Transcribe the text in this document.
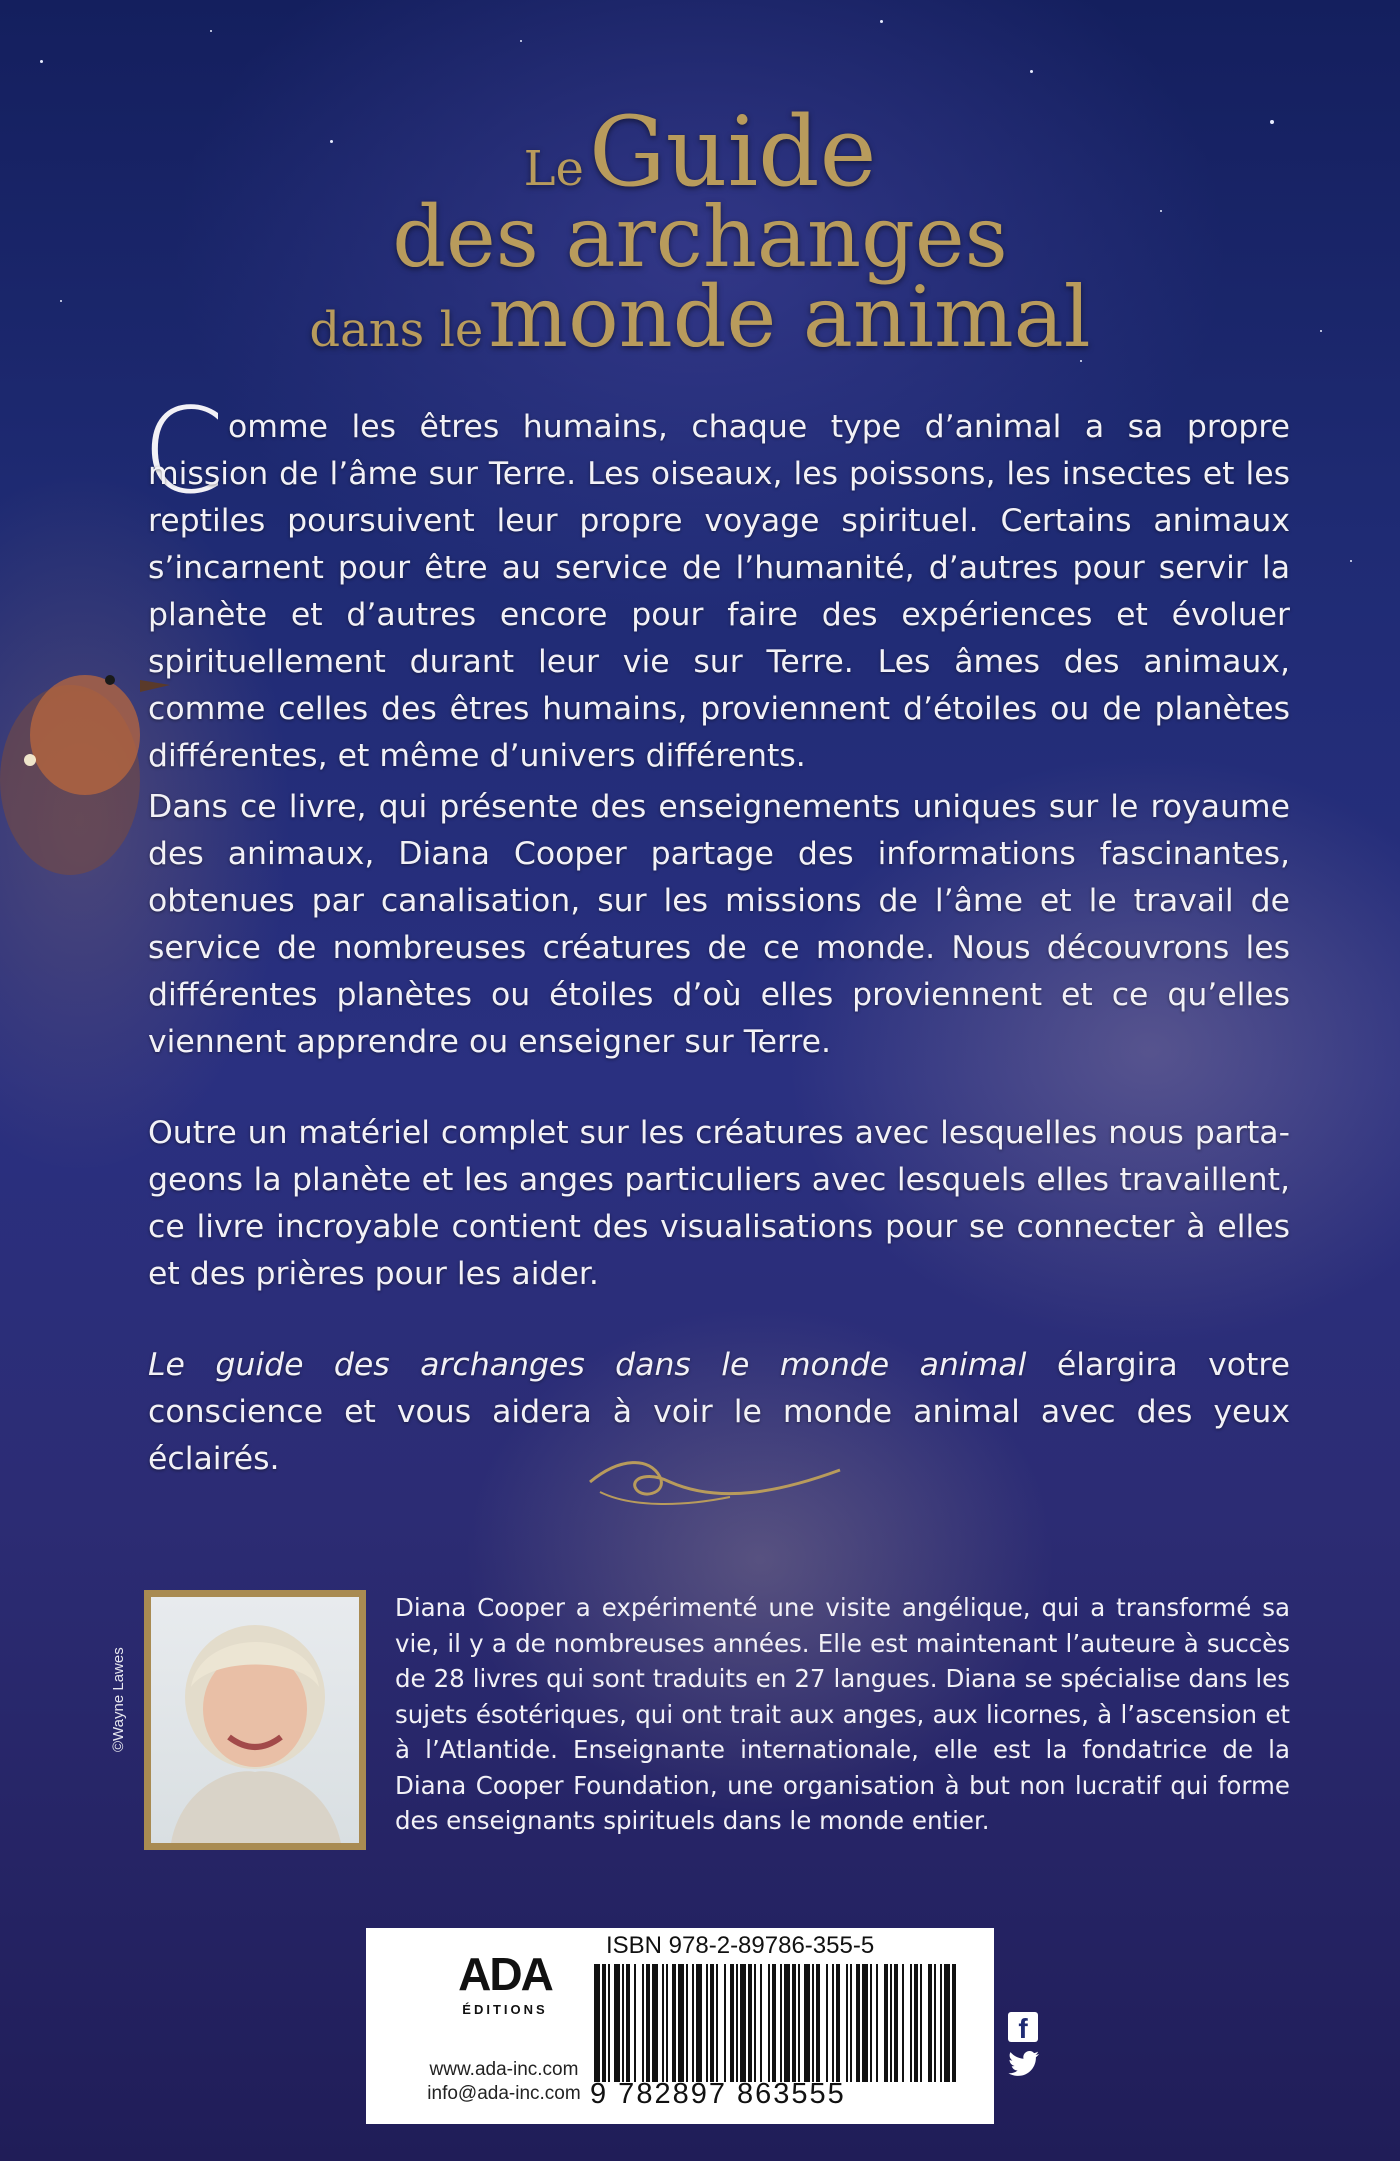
Le Guide
des archanges
dans le monde animal
C omme les êtres humains, chaque type d’animal a sa propre mission de l’âme sur Terre. Les oiseaux, les poissons, les insectes et les reptiles poursuivent leur propre voyage spirituel. Certains animaux s’incarnent pour être au service de l’humanité, d’autres pour servir la planète et d’autres encore pour faire des expériences et évoluer spirituellement durant leur vie sur Terre. Les âmes des animaux, comme celles des êtres humains, proviennent d’étoiles ou de planètes différentes, et même d’univers différents.

Dans ce livre, qui présente des enseignements uniques sur le royaume des animaux, Diana Cooper partage des informations fascinantes, obtenues par canalisation, sur les missions de l’âme et le travail de service de nombreuses créatures de ce monde. Nous découvrons les différentes planètes ou étoiles d’où elles proviennent et ce qu’elles viennent apprendre ou enseigner sur Terre.

Outre un matériel complet sur les créatures avec lesquelles nous partageons la planète et les anges particuliers avec lesquels elles travaillent, ce livre incroyable contient des visualisations pour se connecter à elles et des prières pour les aider.

Le guide des archanges dans le monde animal élargira votre conscience et vous aidera à voir le monde animal avec des yeux éclairés.

©Wayne Lawes

Diana Cooper a expérimenté une visite angélique, qui a transformé sa vie, il y a de nombreuses années. Elle est maintenant l’auteure à succès de 28 livres qui sont traduits en 27 langues. Diana se spécialise dans les sujets ésotériques, qui ont trait aux anges, aux licornes, à l’ascension et à l’Atlantide. Enseignante internationale, elle est la fondatrice de la Diana Cooper Foundation, une organisation à but non lucratif qui forme des enseignants spirituels dans le monde entier.

ADA
ÉDITIONS
www.ada-inc.com
info@ada-inc.com
ISBN 978-2-89786-355-5
9 782897 863555
f
